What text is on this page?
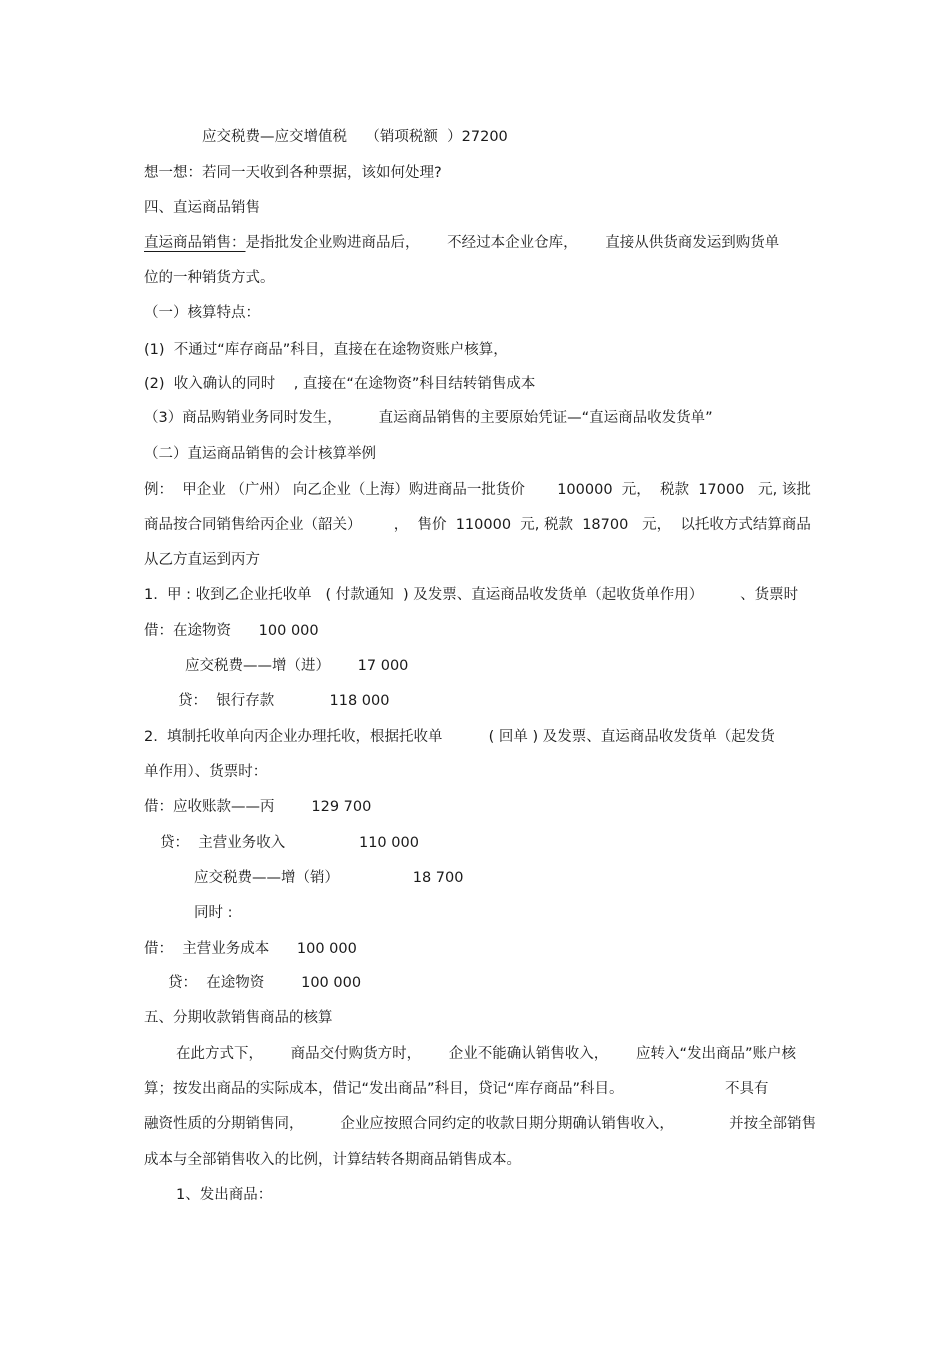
应交税费—应交增值税    （销项税额  ）27200
想一想：若同一天收到各种票据，该如何处理?
四、直运商品销售
直运商品销售：是指批发企业购进商品后，      不经过本企业仓库，      直接从供货商发运到购货单
位的一种销货方式。
（一）核算特点：
(1)  不通过“库存商品”科目，直接在在途物资账户核算，
(2)  收入确认的同时    , 直接在“在途物资”科目结转销售成本
（3）商品购销业务同时发生，        直运商品销售的主要原始凭证—“直运商品收发货单”
（二）直运商品销售的会计核算举例
例：  甲企业 （广州） 向乙企业（上海）购进商品一批货价       100000  元，  税款  17000   元, 该批
商品按合同销售给丙企业（韶关）       ，  售价  110000  元, 税款  18700   元，  以托收方式结算商品
从乙方直运到丙方
1.  甲 : 收到乙企业托收单   ( 付款通知  ) 及发票、直运商品收发货单（起收货单作用）        、货票时
借：在途物资      100 000
应交税费——增（进）      17 000
贷：  银行存款            118 000
2.  填制托收单向丙企业办理托收，根据托收单          ( 回单 ) 及发票、直运商品收发货单（起发货
单作用）、货票时：
借：应收账款——丙        129 700
贷：  主营业务收入                110 000
应交税费——增（销）                18 700
同时 :
借：  主营业务成本      100 000
贷：  在途物资        100 000
五、分期收款销售商品的核算
在此方式下，      商品交付购货方时，      企业不能确认销售收入，      应转入“发出商品”账户核
算；按发出商品的实际成本，借记“发出商品”科目，贷记“库存商品”科目。                      不具有
融资性质的分期销售同，        企业应按照合同约定的收款日期分期确认销售收入，            并按全部销售
成本与全部销售收入的比例，计算结转各期商品销售成本。
1、发出商品：
